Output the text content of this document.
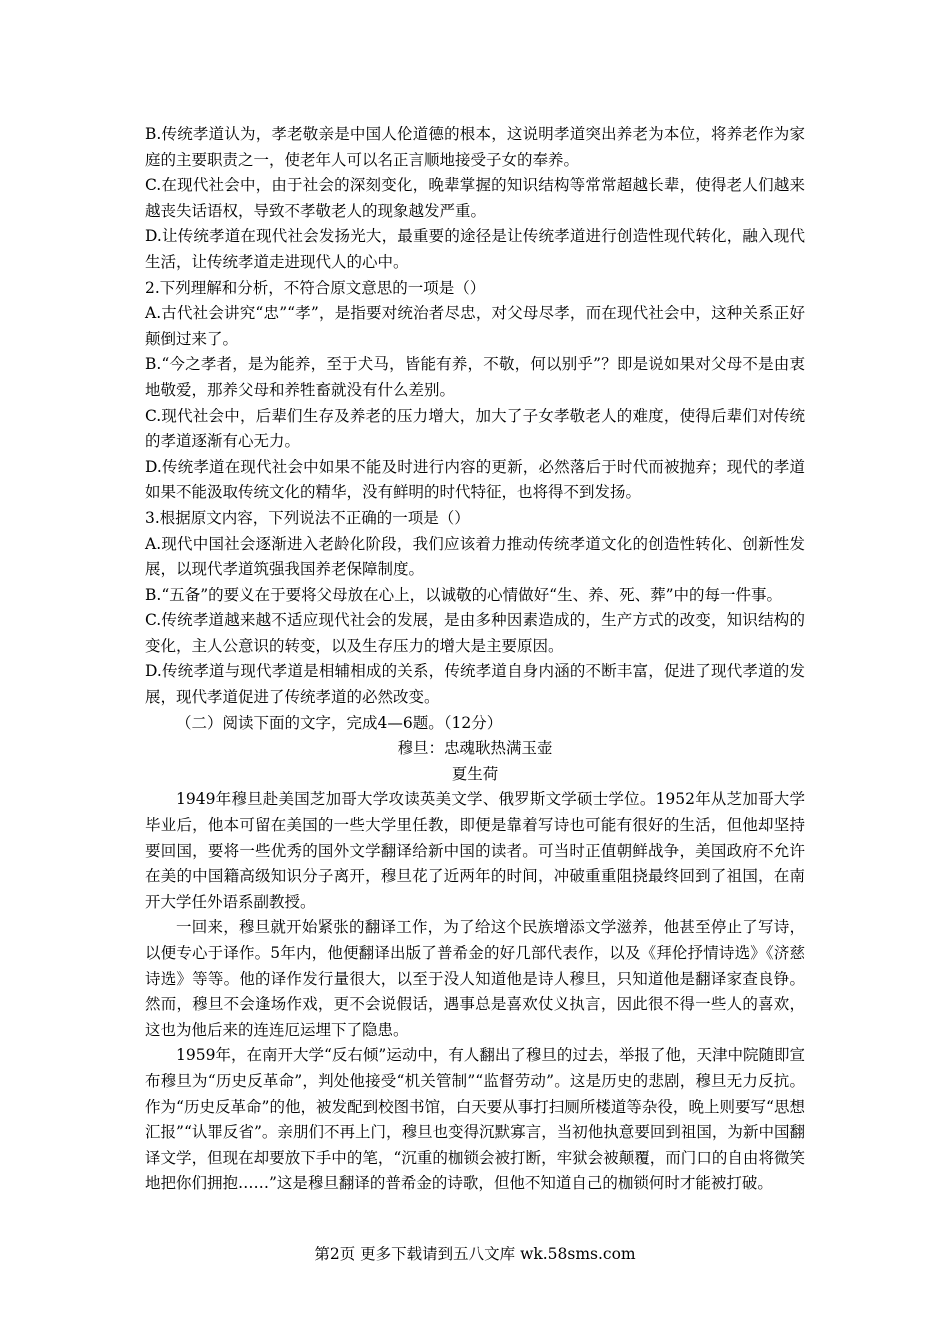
B.传统孝道认为，孝老敬亲是中国人伦道德的根本，这说明孝道突出养老为本位，将养老作为家庭的主要职责之一，使老年人可以名正言顺地接受子女的奉养。

C.在现代社会中，由于社会的深刻变化，晚辈掌握的知识结构等常常超越长辈，使得老人们越来越丧失话语权，导致不孝敬老人的现象越发严重。

D.让传统孝道在现代社会发扬光大，最重要的途径是让传统孝道进行创造性现代转化，融入现代生活，让传统孝道走进现代人的心中。

2.下列理解和分析，不符合原文意思的一项是（）

A.古代社会讲究“忠”“孝”，是指要对统治者尽忠，对父母尽孝，而在现代社会中，这种关系正好颠倒过来了。

B.“今之孝者，是为能养，至于犬马，皆能有养，不敬，何以别乎”？即是说如果对父母不是由衷地敬爱，那养父母和养牲畜就没有什么差别。

C.现代社会中，后辈们生存及养老的压力增大，加大了子女孝敬老人的难度，使得后辈们对传统的孝道逐渐有心无力。

D.传统孝道在现代社会中如果不能及时进行内容的更新，必然落后于时代而被抛弃；现代的孝道如果不能汲取传统文化的精华，没有鲜明的时代特征，也将得不到发扬。

3.根据原文内容，下列说法不正确的一项是（）

A.现代中国社会逐渐进入老龄化阶段，我们应该着力推动传统孝道文化的创造性转化、创新性发展，以现代孝道筑强我国养老保障制度。

B.“五备”的要义在于要将父母放在心上，以诚敬的心情做好“生、养、死、葬”中的每一件事。

C.传统孝道越来越不适应现代社会的发展，是由多种因素造成的，生产方式的改变，知识结构的变化，主人公意识的转变，以及生存压力的增大是主要原因。

D.传统孝道与现代孝道是相辅相成的关系，传统孝道自身内涵的不断丰富，促进了现代孝道的发展，现代孝道促进了传统孝道的必然改变。

（二）阅读下面的文字，完成4—6题。（12分）

穆旦：忠魂耿热满玉壶

夏生荷

1949年穆旦赴美国芝加哥大学攻读英美文学、俄罗斯文学硕士学位。1952年从芝加哥大学毕业后，他本可留在美国的一些大学里任教，即便是靠着写诗也可能有很好的生活，但他却坚持要回国，要将一些优秀的国外文学翻译给新中国的读者。可当时正值朝鲜战争，美国政府不允许在美的中国籍高级知识分子离开，穆旦花了近两年的时间，冲破重重阻挠最终回到了祖国，在南开大学任外语系副教授。

一回来，穆旦就开始紧张的翻译工作，为了给这个民族增添文学滋养，他甚至停止了写诗，以便专心于译作。5年内，他便翻译出版了普希金的好几部代表作，以及《拜伦抒情诗选》《济慈诗选》等等。他的译作发行量很大，以至于没人知道他是诗人穆旦，只知道他是翻译家查良铮。然而，穆旦不会逢场作戏，更不会说假话，遇事总是喜欢仗义执言，因此很不得一些人的喜欢，这也为他后来的连连厄运埋下了隐患。

1959年，在南开大学“反右倾”运动中，有人翻出了穆旦的过去，举报了他，天津中院随即宣布穆旦为“历史反革命”，判处他接受“机关管制”“监督劳动”。这是历史的悲剧，穆旦无力反抗。作为“历史反革命”的他，被发配到校图书馆，白天要从事打扫厕所楼道等杂役，晚上则要写“思想汇报”“认罪反省”。亲朋们不再上门，穆旦也变得沉默寡言，当初他执意要回到祖国，为新中国翻译文学，但现在却要放下手中的笔，“沉重的枷锁会被打断，牢狱会被颠覆，而门口的自由将微笑地把你们拥抱……”这是穆旦翻译的普希金的诗歌，但他不知道自己的枷锁何时才能被打破。

第2页 更多下载请到五八文库 wk.58sms.com
